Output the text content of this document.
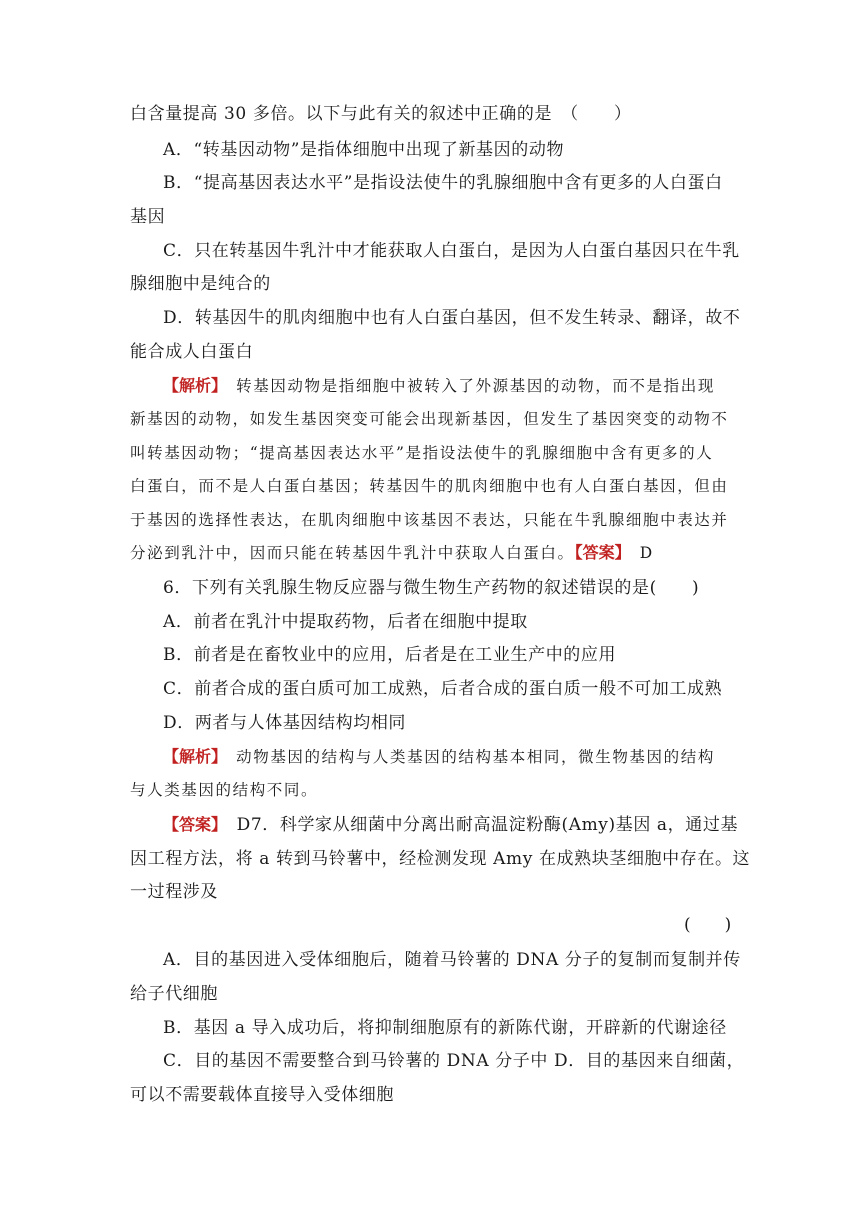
白含量提高 30 多倍。以下与此有关的叙述中正确的是　（　　）
A．“转基因动物”是指体细胞中出现了新基因的动物
B．“提高基因表达水平”是指设法使牛的乳腺细胞中含有更多的人白蛋白
基因
C．只在转基因牛乳汁中才能获取人白蛋白，是因为人白蛋白基因只在牛乳
腺细胞中是纯合的
D．转基因牛的肌肉细胞中也有人白蛋白基因，但不发生转录、翻译，故不
能合成人白蛋白
【解析】　转基因动物是指细胞中被转入了外源基因的动物，而不是指出现
新基因的动物，如发生基因突变可能会出现新基因，但发生了基因突变的动物不
叫转基因动物；“提高基因表达水平”是指设法使牛的乳腺细胞中含有更多的人
白蛋白，而不是人白蛋白基因；转基因牛的肌肉细胞中也有人白蛋白基因，但由
于基因的选择性表达，在肌肉细胞中该基因不表达，只能在牛乳腺细胞中表达并
分泌到乳汁中，因而只能在转基因牛乳汁中获取人白蛋白。【答案】　D
6．下列有关乳腺生物反应器与微生物生产药物的叙述错误的是(　　)
A．前者在乳汁中提取药物，后者在细胞中提取
B．前者是在畜牧业中的应用，后者是在工业生产中的应用
C．前者合成的蛋白质可加工成熟，后者合成的蛋白质一般不可加工成熟
D．两者与人体基因结构均相同
【解析】　动物基因的结构与人类基因的结构基本相同，微生物基因的结构
与人类基因的结构不同。
【答案】　D7．科学家从细菌中分离出耐高温淀粉酶(Amy)基因 a，通过基
因工程方法，将 a 转到马铃薯中，经检测发现 Amy 在成熟块茎细胞中存在。这
一过程涉及
(　　)
A．目的基因进入受体细胞后，随着马铃薯的 DNA 分子的复制而复制并传
给子代细胞
B．基因 a 导入成功后，将抑制细胞原有的新陈代谢，开辟新的代谢途径
C．目的基因不需要整合到马铃薯的 DNA 分子中 D．目的基因来自细菌，
可以不需要载体直接导入受体细胞
